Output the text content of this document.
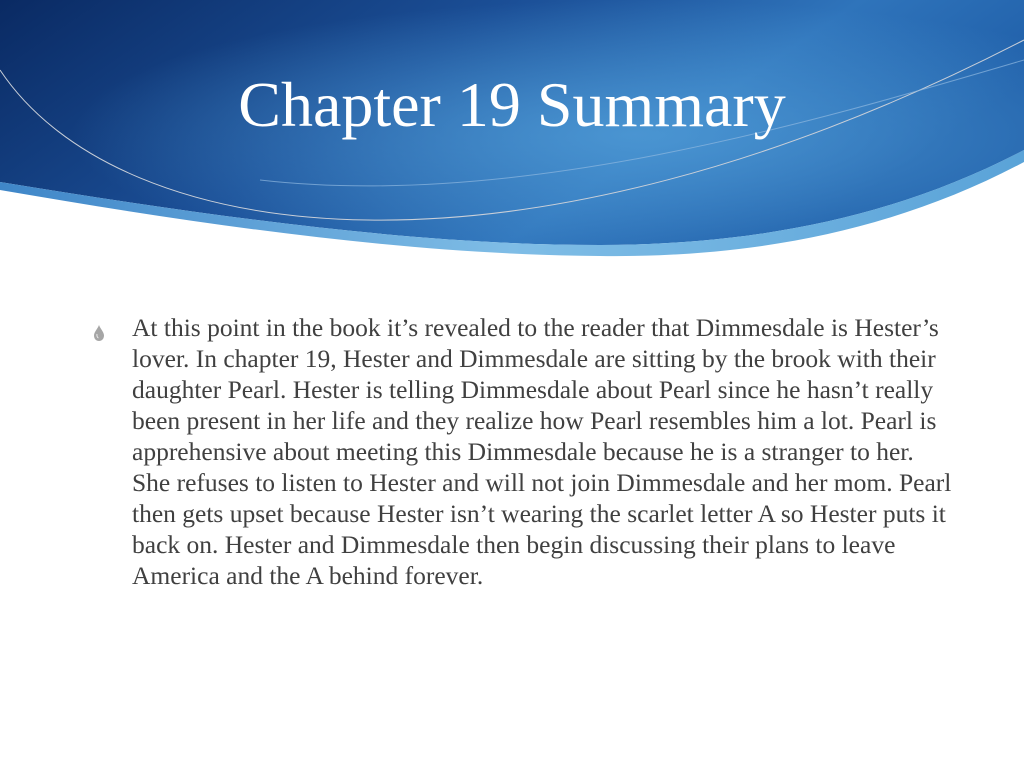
Chapter 19 Summary

At this point in the book it’s revealed to the reader that Dimmesdale is Hester’s lover. In chapter 19, Hester and Dimmesdale are sitting by the brook with their daughter Pearl. Hester is telling Dimmesdale about Pearl since he hasn’t really been present in her life and they realize how Pearl resembles him a lot. Pearl is apprehensive about meeting this Dimmesdale because he is a stranger to her. She refuses to listen to Hester and will not join Dimmesdale and her mom. Pearl then gets upset because Hester isn’t wearing the scarlet letter A so Hester puts it back on. Hester and Dimmesdale then begin discussing their plans to leave America and the A behind forever.
